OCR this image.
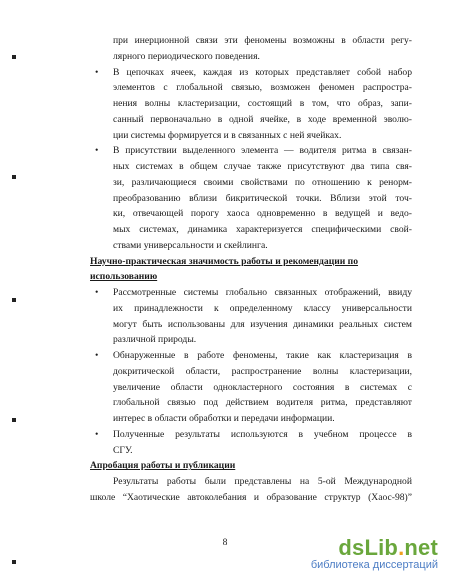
при инерционной связи эти феномены возможны в области регу-
лярного периодического поведения.
• В цепочках ячеек, каждая из которых представляет собой набор
элементов с глобальной связью, возможен феномен распростра-
нения волны кластеризации, состоящий в том, что образ, запи-
санный первоначально в одной ячейке, в ходе временной эволю-
ции системы формируется и в связанных с ней ячейках.
• В присутствии выделенного элемента — водителя ритма в связан-
ных системах в общем случае также присутствуют два типа свя-
зи, различающиеся своими свойствами по отношению к ренорм-
преобразованию вблизи бикритической точки. Вблизи этой точ-
ки, отвечающей порогу хаоса одновременно в ведущей и ведо-
мых системах, динамика характеризуется специфическими свой-
ствами универсальности и скейлинга.
Научно-практическая значимость работы и рекомендации по
использованию
• Рассмотренные системы глобально связанных отображений, ввиду
их принадлежности к определенному классу универсальности
могут быть использованы для изучения динамики реальных систем
различной природы.
• Обнаруженные в работе феномены, такие как кластеризация в
докритической области, распространение волны кластеризации,
увеличение области однокластерного состояния в системах с
глобальной связью под действием водителя ритма, представляют
интерес в области обработки и передачи информации.
• Полученные результаты используются в учебном процессе в
СГУ.
Апробация работы и публикации
Результаты работы были представлены на 5-ой Международной
школе “Хаотические автоколебания и образование структур (Хаос-98)”
8	dsLib.net
библиотека диссертаций
